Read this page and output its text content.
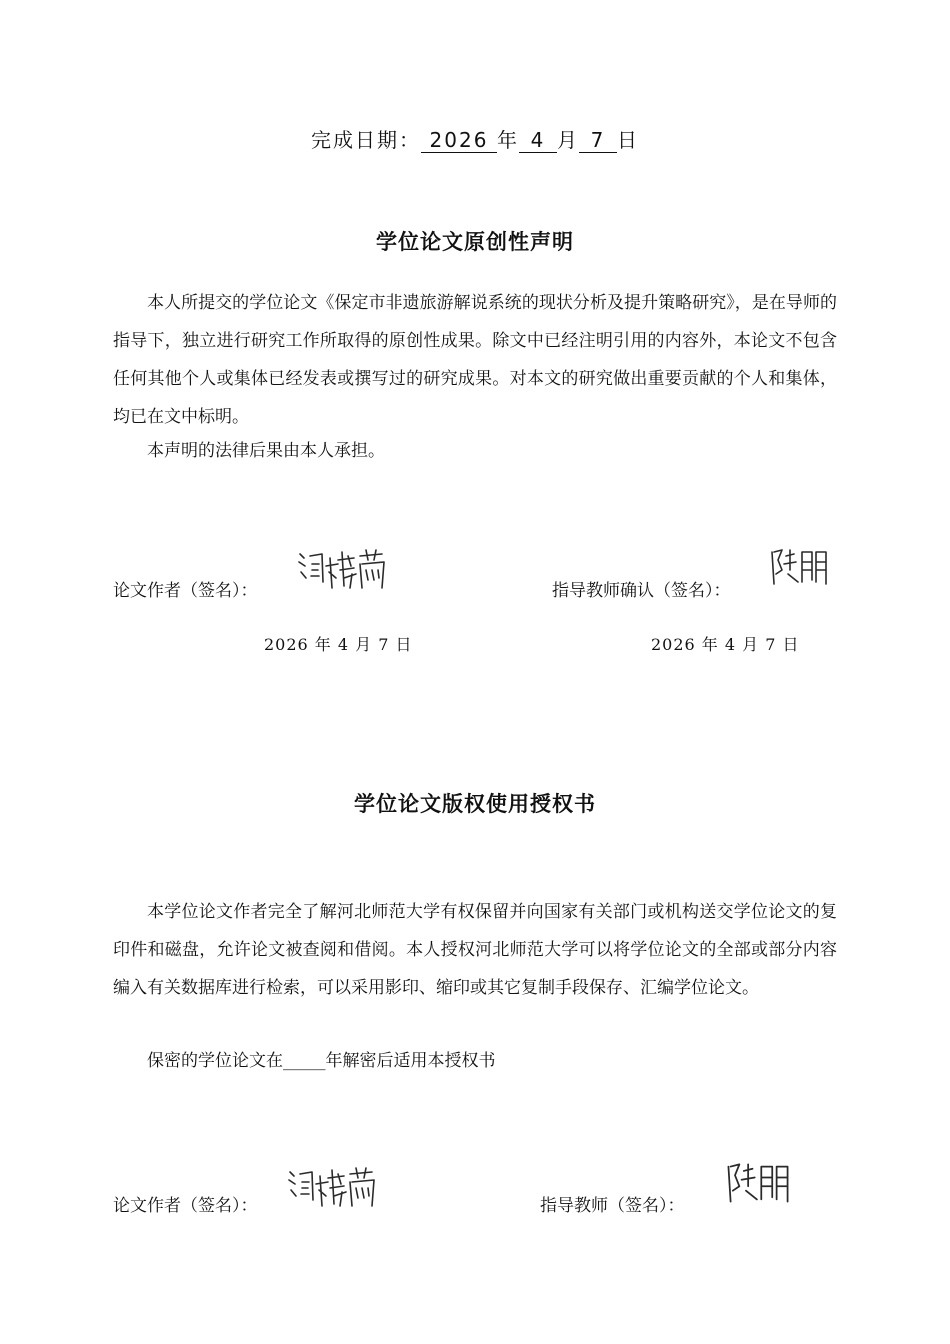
完成日期： 2026 年 4 月 7 日
学位论文原创性声明

本人所提交的学位论文《保定市非遗旅游解说系统的现状分析及提升策略研究》，是在导师的指导下，独立进行研究工作所取得的原创性成果。除文中已经注明引用的内容外，本论文不包含任何其他个人或集体已经发表或撰写过的研究成果。对本文的研究做出重要贡献的个人和集体，均已在文中标明。

本声明的法律后果由本人承担。

论文作者（签名）：	指导教师确认（签名）：
2026 年 4 月 7 日	2026 年 4 月 7 日
学位论文版权使用授权书

本学位论文作者完全了解河北师范大学有权保留并向国家有关部门或机构送交学位论文的复印件和磁盘，允许论文被查阅和借阅。本人授权河北师范大学可以将学位论文的全部或部分内容编入有关数据库进行检索，可以采用影印、缩印或其它复制手段保存、汇编学位论文。

保密的学位论文在_____年解密后适用本授权书

论文作者（签名）：	指导教师（签名）：
